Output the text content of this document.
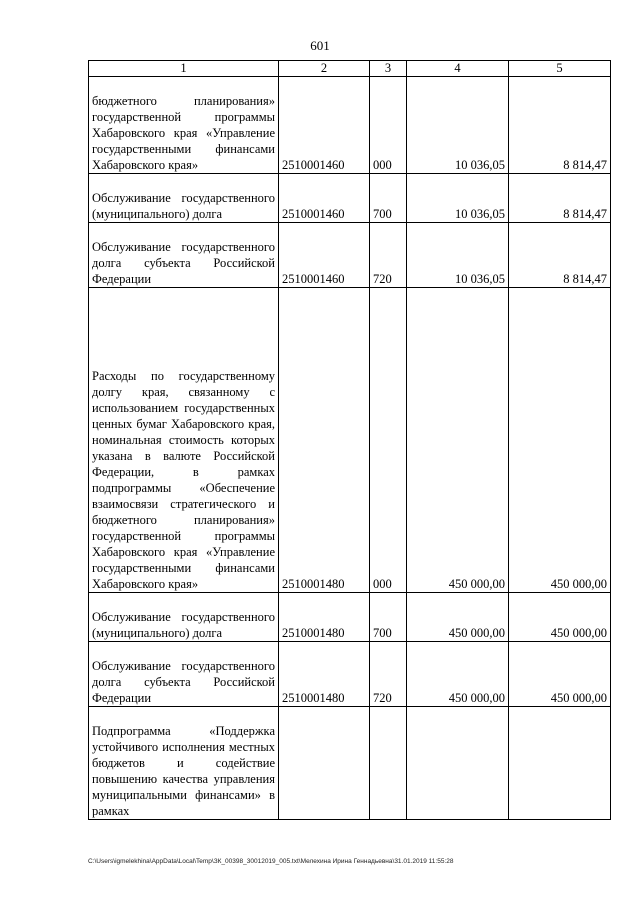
601
1	2	3	4	5
бюджетного планирования» государственной программы Хабаровского края «Управление государственными финансами Хабаровского края»	2510001460	000	10 036,05	8 814,47
Обслуживание государственного (муниципального) долга	2510001460	700	10 036,05	8 814,47
Обслуживание государственного долга субъекта Российской Федерации	2510001460	720	10 036,05	8 814,47
Расходы по государственному долгу края, связанному с использованием государственных ценных бумаг Хабаровского края, номинальная стоимость которых указана в валюте Российской Федерации, в рамках подпрограммы «Обеспечение взаимосвязи стратегического и бюджетного планирования» государственной программы Хабаровского края «Управление государственными финансами Хабаровского края»	2510001480	000	450 000,00	450 000,00
Обслуживание государственного (муниципального) долга	2510001480	700	450 000,00	450 000,00
Обслуживание государственного долга субъекта Российской Федерации	2510001480	720	450 000,00	450 000,00
Подпрограмма «Поддержка устойчивого исполнения местных бюджетов и содействие повышению качества управления муниципальными финансами» в рамках				
C:\Users\igmelekhina\AppData\Local\Temp\ЗК_00398_30012019_005.txt\Мелехина Ирина Геннадьевна\31.01.2019 11:55:28
